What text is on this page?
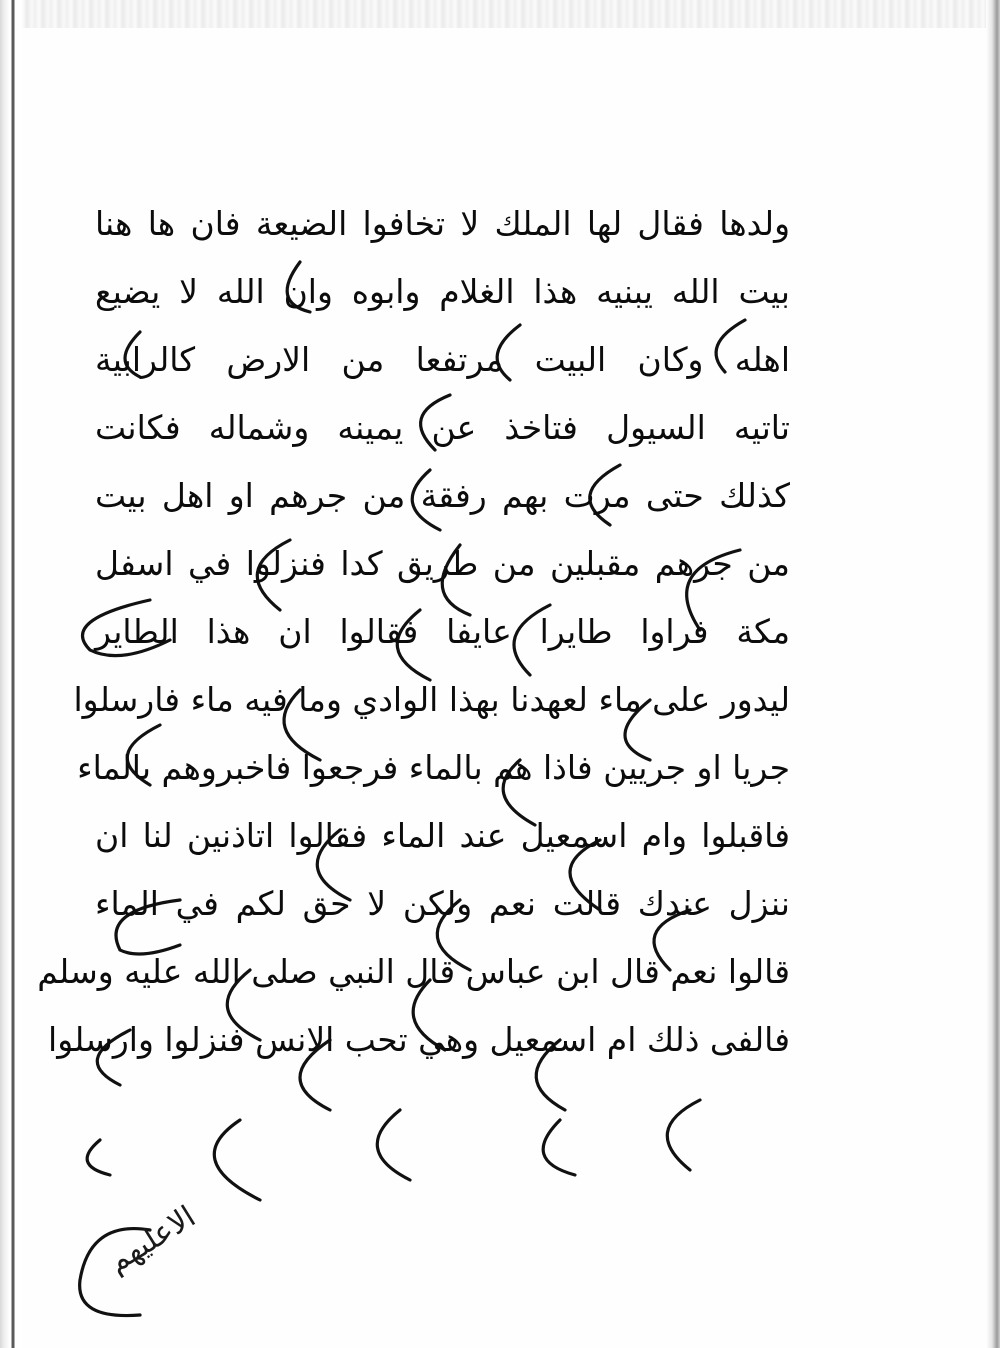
ولدها فقال لها الملك لا تخافوا الضيعة فان ها هنا
بيت الله يبنيه هذا الغلام وابوه وان الله لا يضيع
اهله وكان البيت مرتفعا من الارض كالرابية
تاتيه السيول فتاخذ عن يمينه وشماله فكانت
كذلك حتى مرت بهم رفقة من جرهم او اهل بيت
من جرهم مقبلين من طريق كدا فنزلوا في اسفل
مكة فراوا طايرا عايفا فقالوا ان هذا الطاير
ليدور على ماء لعهدنا بهذا الوادي وما فيه ماء فارسلوا
جريا او جريين فاذا هم بالماء فرجعوا فاخبروهم بالماء
فاقبلوا وام اسمعيل عند الماء فقالوا اتاذنين لنا ان
ننزل عندك قالت نعم ولكن لا حق لكم في الماء
قالوا نعم قال ابن عباس قال النبي صلى الله عليه وسلم
فالفى ذلك ام اسمعيل وهي تحب الانس فنزلوا وارسلوا
الاعليهم
